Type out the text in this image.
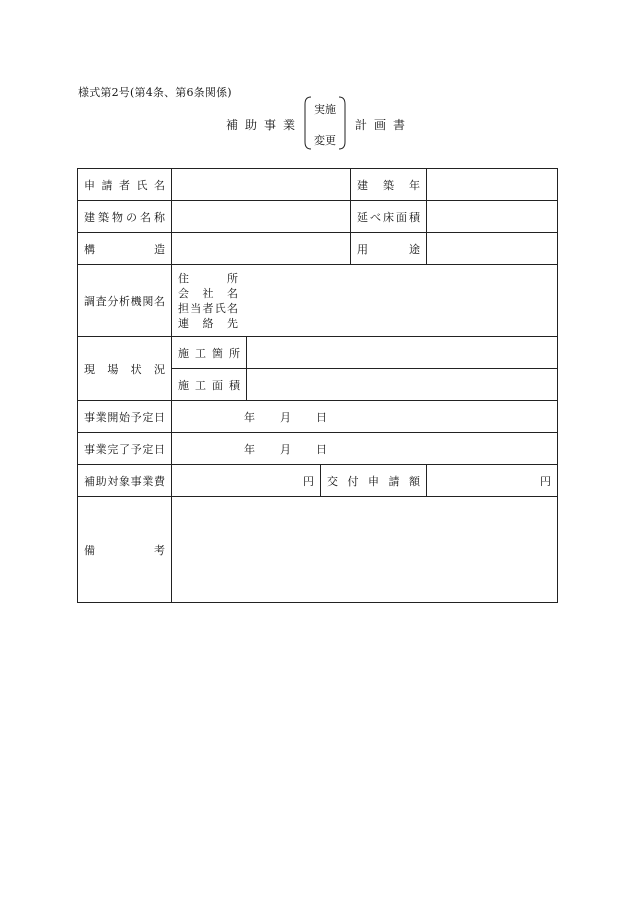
様式第2号(第4条、第6条関係)
補助事業
実施
変更
計画書
申請者氏名				建築年	
建築物の名称				延べ床面積	
構造				用途	
調査分析機関名	住所
会社名
担当者氏名
連絡先				

現場状況	施工箇所				
	施工面積				
事業開始予定日	年 月 日				

事業完了予定日	年 月 日				

補助対象事業費	円		交付申請額		円
備考					
